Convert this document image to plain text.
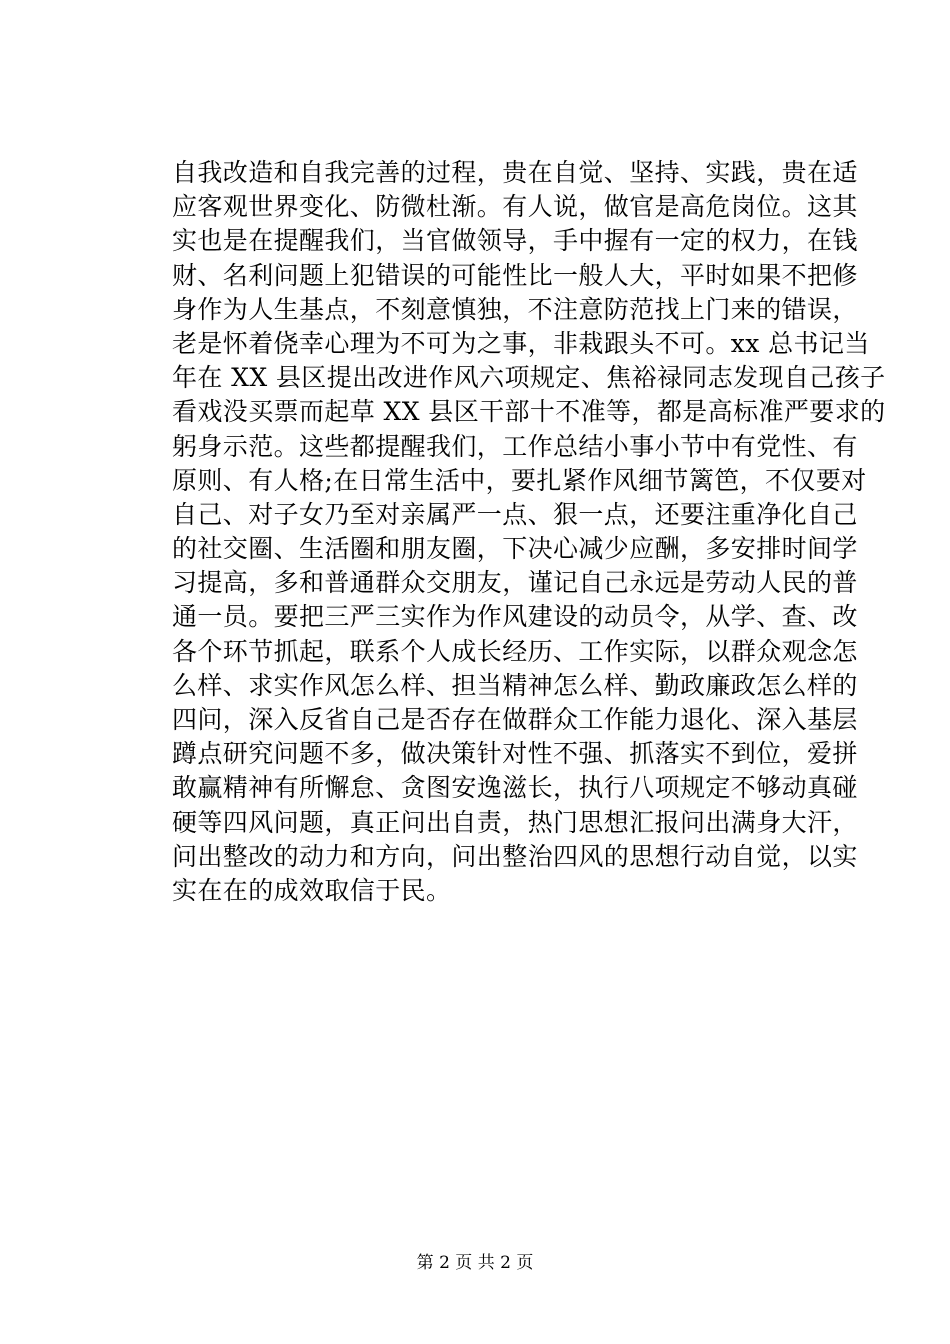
自我改造和自我完善的过程，贵在自觉、坚持、实践，贵在适
应客观世界变化、防微杜渐。有人说，做官是高危岗位。这其
实也是在提醒我们，当官做领导，手中握有一定的权力，在钱
财、名利问题上犯错误的可能性比一般人大，平时如果不把修
身作为人生基点，不刻意慎独，不注意防范找上门来的错误，
老是怀着侥幸心理为不可为之事，非栽跟头不可。xx 总书记当
年在 XX 县区提出改进作风六项规定、焦裕禄同志发现自己孩子
看戏没买票而起草 XX 县区干部十不准等，都是高标准严要求的
躬身示范。这些都提醒我们，工作总结小事小节中有党性、有
原则、有人格;在日常生活中，要扎紧作风细节篱笆，不仅要对
自己、对子女乃至对亲属严一点、狠一点，还要注重净化自己
的社交圈、生活圈和朋友圈，下决心减少应酬，多安排时间学
习提高，多和普通群众交朋友，谨记自己永远是劳动人民的普
通一员。要把三严三实作为作风建设的动员令，从学、查、改
各个环节抓起，联系个人成长经历、工作实际，以群众观念怎
么样、求实作风怎么样、担当精神怎么样、勤政廉政怎么样的
四问，深入反省自己是否存在做群众工作能力退化、深入基层
蹲点研究问题不多，做决策针对性不强、抓落实不到位，爱拼
敢赢精神有所懈怠、贪图安逸滋长，执行八项规定不够动真碰
硬等四风问题，真正问出自责，热门思想汇报问出满身大汗，
问出整改的动力和方向，问出整治四风的思想行动自觉，以实
实在在的成效取信于民。
第 2 页 共 2 页
